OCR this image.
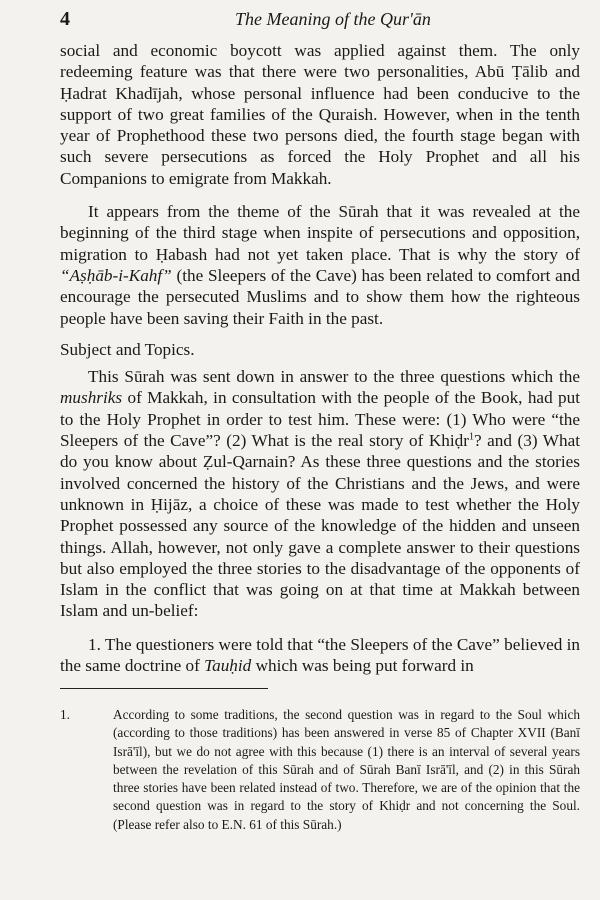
4	The Meaning of the Qur'ān

social and economic boycott was applied against them. The only redeeming feature was that there were two personalities, Abū Ṭālib and Ḥadrat Khadījah, whose personal influence had been conducive to the support of two great families of the Quraish. However, when in the tenth year of Prophethood these two persons died, the fourth stage began with such severe persecutions as forced the Holy Prophet and all his Companions to emigrate from Makkah.

It appears from the theme of the Sūrah that it was revealed at the beginning of the third stage when inspite of persecutions and opposition, migration to Ḥabash had not yet taken place. That is why the story of “Aṣḥāb-i-Kahf” (the Sleepers of the Cave) has been related to comfort and encourage the persecuted Muslims and to show them how the righteous people have been saving their Faith in the past.

Subject and Topics.

This Sūrah was sent down in answer to the three questions which the mushriks of Makkah, in consultation with the people of the Book, had put to the Holy Prophet in order to test him. These were: (1) Who were “the Sleepers of the Cave”? (2) What is the real story of Khiḍr$^1$? and (3) What do you know about Ẓul-Qarnain? As these three questions and the stories involved concerned the history of the Christians and the Jews, and were unknown in Ḥijāz, a choice of these was made to test whether the Holy Prophet possessed any source of the knowledge of the hidden and unseen things. Allah, however, not only gave a complete answer to their questions but also employed the three stories to the disadvantage of the opponents of Islam in the conflict that was going on at that time at Makkah between Islam and un-belief:

1. The questioners were told that “the Sleepers of the Cave” believed in the same doctrine of Tauḥid which was being put forward in

1.	According to some traditions, the second question was in regard to the Soul which (according to those traditions) has been answered in verse 85 of Chapter XVII (Banī Isrā'īl), but we do not agree with this because (1) there is an interval of several years between the revelation of this Sūrah and of Sūrah Banī Isrā'īl, and (2) in this Sūrah three stories have been related instead of two. Therefore, we are of the opinion that the second question was in regard to the story of Khiḍr and not concerning the Soul. (Please refer also to E.N. 61 of this Sūrah.)
